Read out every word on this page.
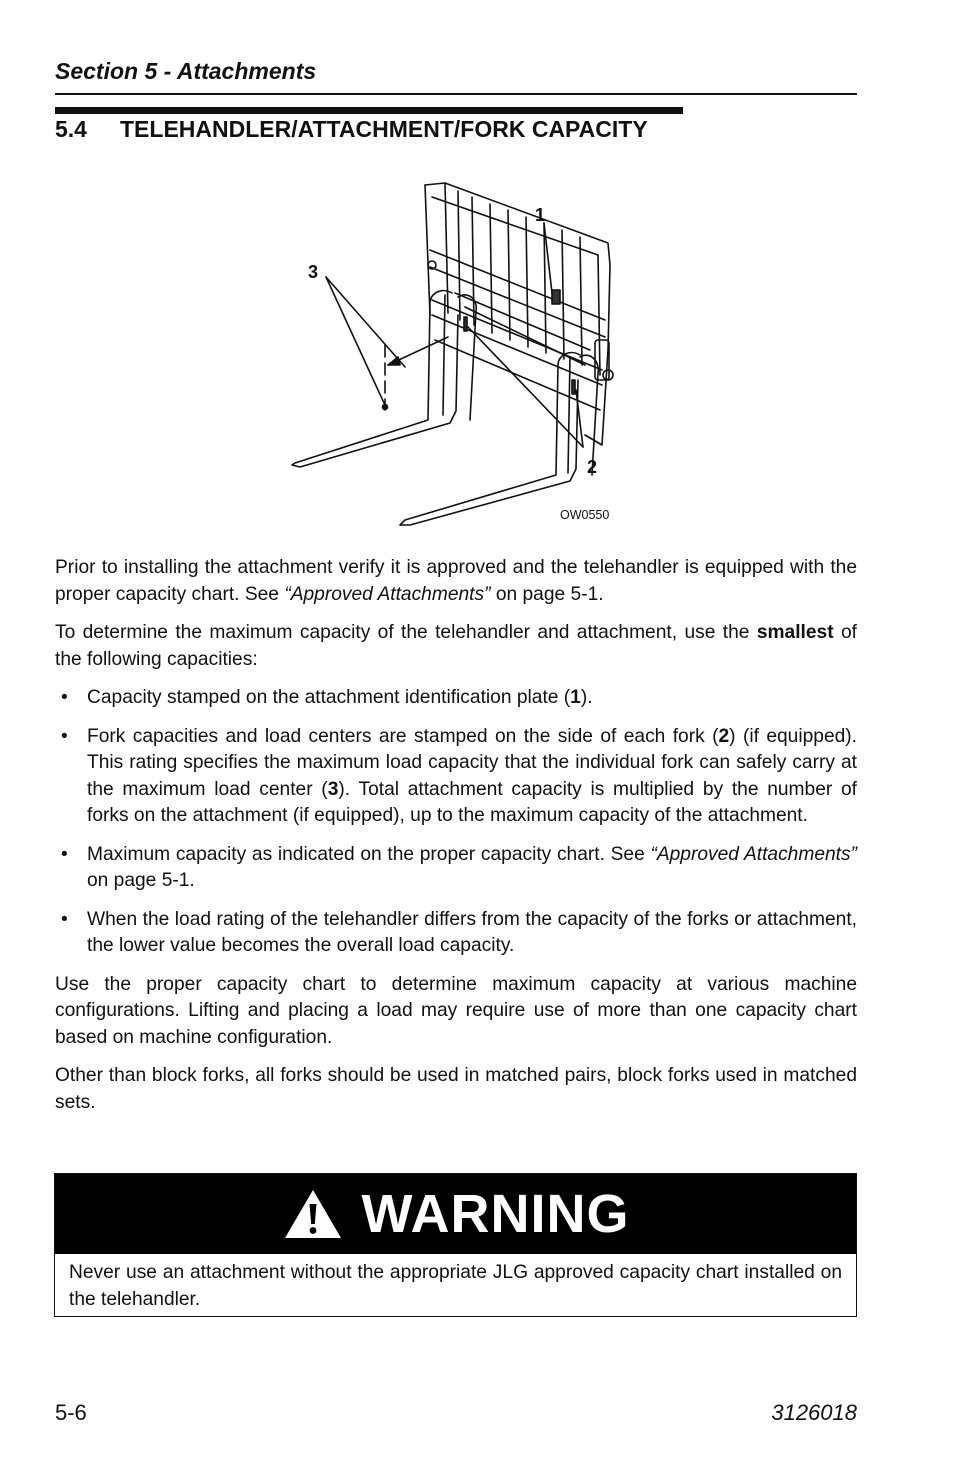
Section 5 - Attachments
5.4 TELEHANDLER/ATTACHMENT/FORK CAPACITY
1
3
2
OW0550

Prior to installing the attachment verify it is approved and the telehandler is equipped with the proper capacity chart. See “Approved Attachments” on page 5-1.

To determine the maximum capacity of the telehandler and attachment, use the smallest of the following capacities:

• Capacity stamped on the attachment identification plate (1).
• Fork capacities and load centers are stamped on the side of each fork (2) (if equipped). This rating specifies the maximum load capacity that the individual fork can safely carry at the maximum load center (3). Total attachment capacity is multiplied by the number of forks on the attachment (if equipped), up to the maximum capacity of the attachment.
• Maximum capacity as indicated on the proper capacity chart. See “Approved Attachments” on page 5-1.
• When the load rating of the telehandler differs from the capacity of the forks or attachment, the lower value becomes the overall load capacity.

Use the proper capacity chart to determine maximum capacity at various machine configurations. Lifting and placing a load may require use of more than one capacity chart based on machine configuration.

Other than block forks, all forks should be used in matched pairs, block forks used in matched sets.

WARNING
Never use an attachment without the appropriate JLG approved capacity chart installed on the telehandler.
5-6	3126018
